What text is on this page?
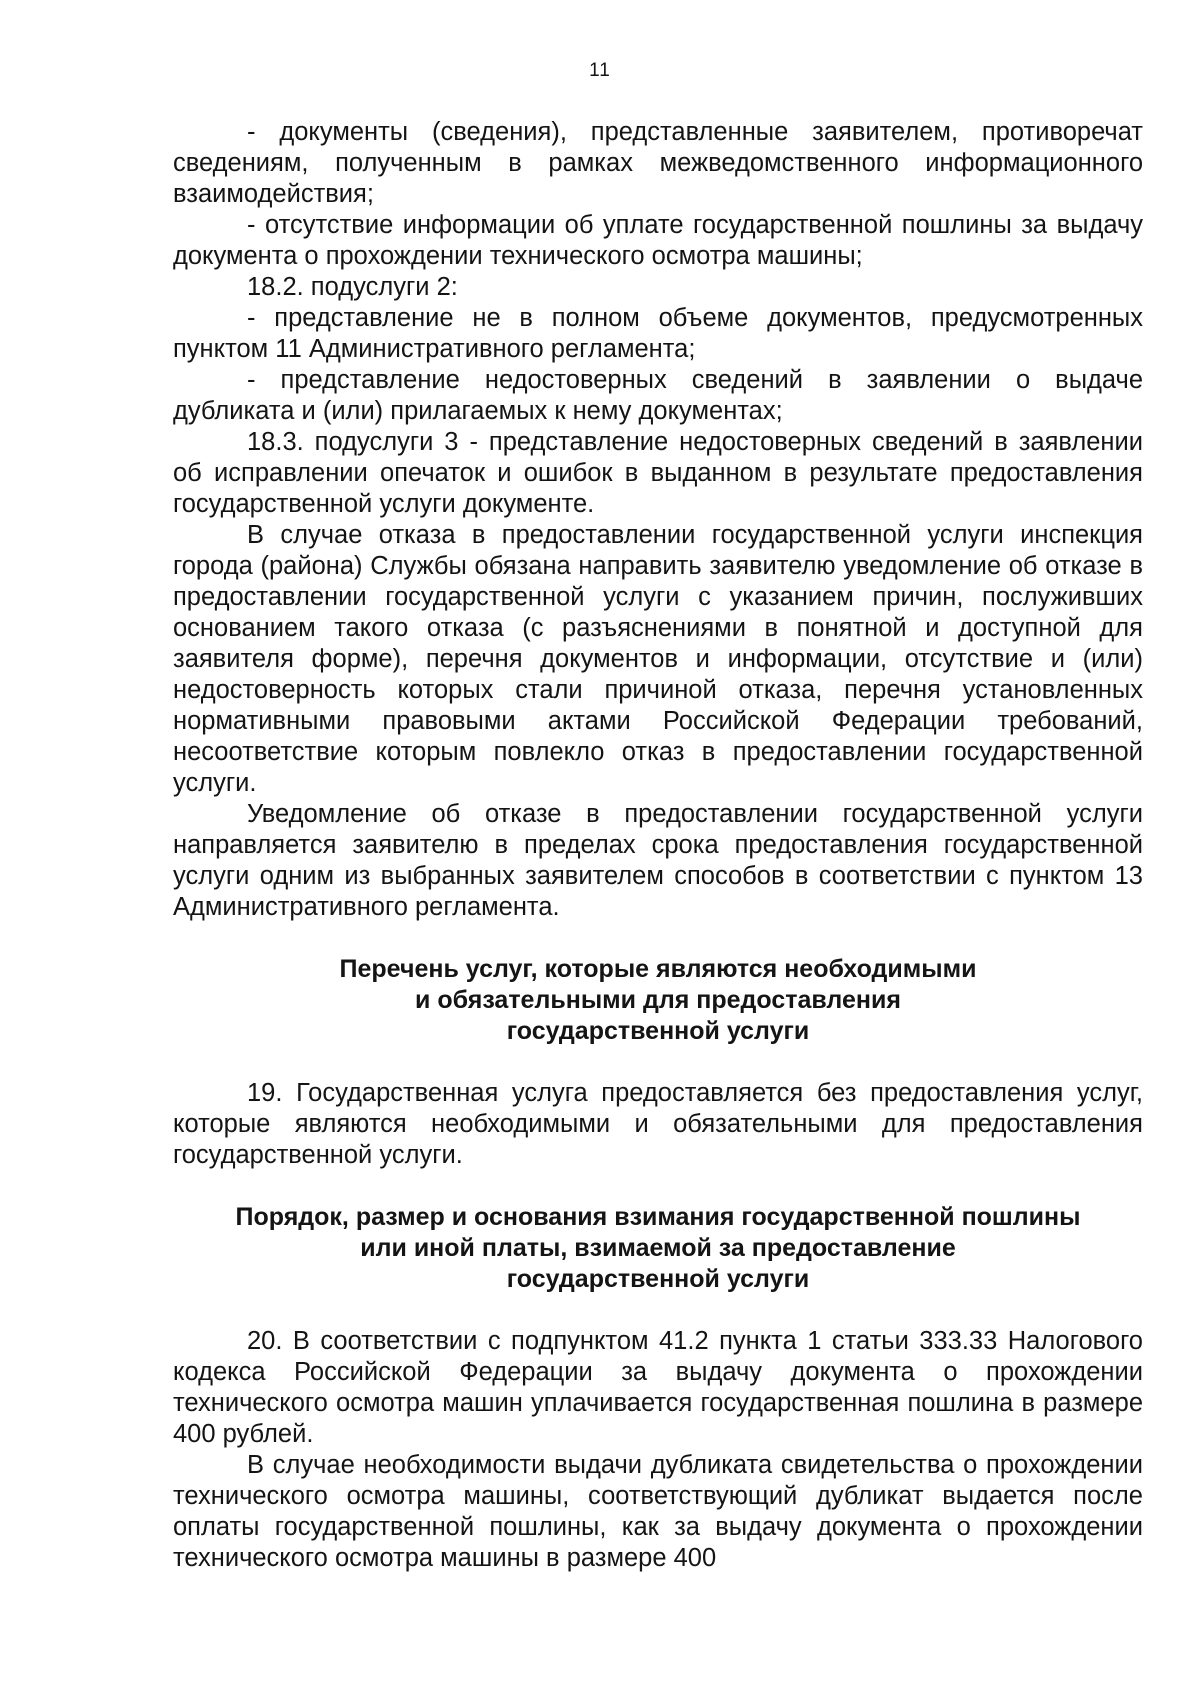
11

- документы (сведения), представленные заявителем, противоречат сведениям, полученным в рамках межведомственного информационного взаимодействия;

- отсутствие информации об уплате государственной пошлины за выдачу документа о прохождении технического осмотра машины;

18.2. подуслуги 2:

- представление не в полном объеме документов, предусмотренных пунктом 11 Административного регламента;

- представление недостоверных сведений в заявлении о выдаче дубликата и (или) прилагаемых к нему документах;

18.3. подуслуги 3 - представление недостоверных сведений в заявлении об исправлении опечаток и ошибок в выданном в результате предоставления государственной услуги документе.

В случае отказа в предоставлении государственной услуги инспекция города (района) Службы обязана направить заявителю уведомление об отказе в предоставлении государственной услуги с указанием причин, послуживших основанием такого отказа (с разъяснениями в понятной и доступной для заявителя форме), перечня документов и информации, отсутствие и (или) недостоверность которых стали причиной отказа, перечня установленных нормативными правовыми актами Российской Федерации требований, несоответствие которым повлекло отказ в предоставлении государственной услуги.

Уведомление об отказе в предоставлении государственной услуги направляется заявителю в пределах срока предоставления государственной услуги одним из выбранных заявителем способов в соответствии с пунктом 13 Административного регламента.

Перечень услуг, которые являются необходимыми
и обязательными для предоставления
государственной услуги

19. Государственная услуга предоставляется без предоставления услуг, которые являются необходимыми и обязательными для предоставления государственной услуги.

Порядок, размер и основания взимания государственной пошлины
или иной платы, взимаемой за предоставление
государственной услуги

20. В соответствии с подпунктом 41.2 пункта 1 статьи 333.33 Налогового кодекса Российской Федерации за выдачу документа о прохождении технического осмотра машин уплачивается государственная пошлина в размере 400 рублей.

В случае необходимости выдачи дубликата свидетельства о прохождении технического осмотра машины, соответствующий дубликат выдается после оплаты государственной пошлины, как за выдачу документа о прохождении технического осмотра машины в размере 400
